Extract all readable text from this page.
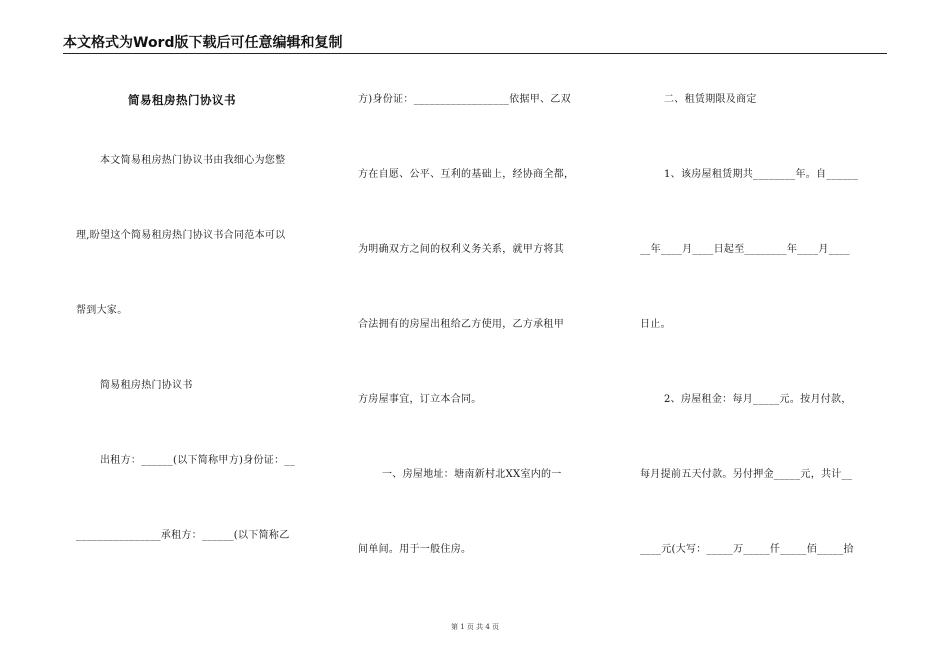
本文格式为Word版下载后可任意编辑和复制
简易租房热门协议书
本文简易租房热门协议书由我细心为您整
理,盼望这个简易租房热门协议书合同范本可以
帮到大家。
简易租房热门协议书
出租方：______(以下简称甲方)身份证：__
________________承租方：______(以下简称乙
方)身份证：__________________依据甲、乙双
方在自愿、公平、互利的基础上，经协商全都，
为明确双方之间的权利义务关系，就甲方将其
合法拥有的房屋出租给乙方使用，乙方承租甲
方房屋事宜，订立本合同。
一、房屋地址：塘南新村北XX室内的一
间单间。用于一般住房。
二、租赁期限及商定
1、该房屋租赁期共________年。自______
__年____月____日起至________年____月____
日止。
2、房屋租金：每月_____元。按月付款，
每月提前五天付款。另付押金_____元，共计__
____元(大写：_____万_____仟_____佰_____拾
第 1 页 共 4 页
